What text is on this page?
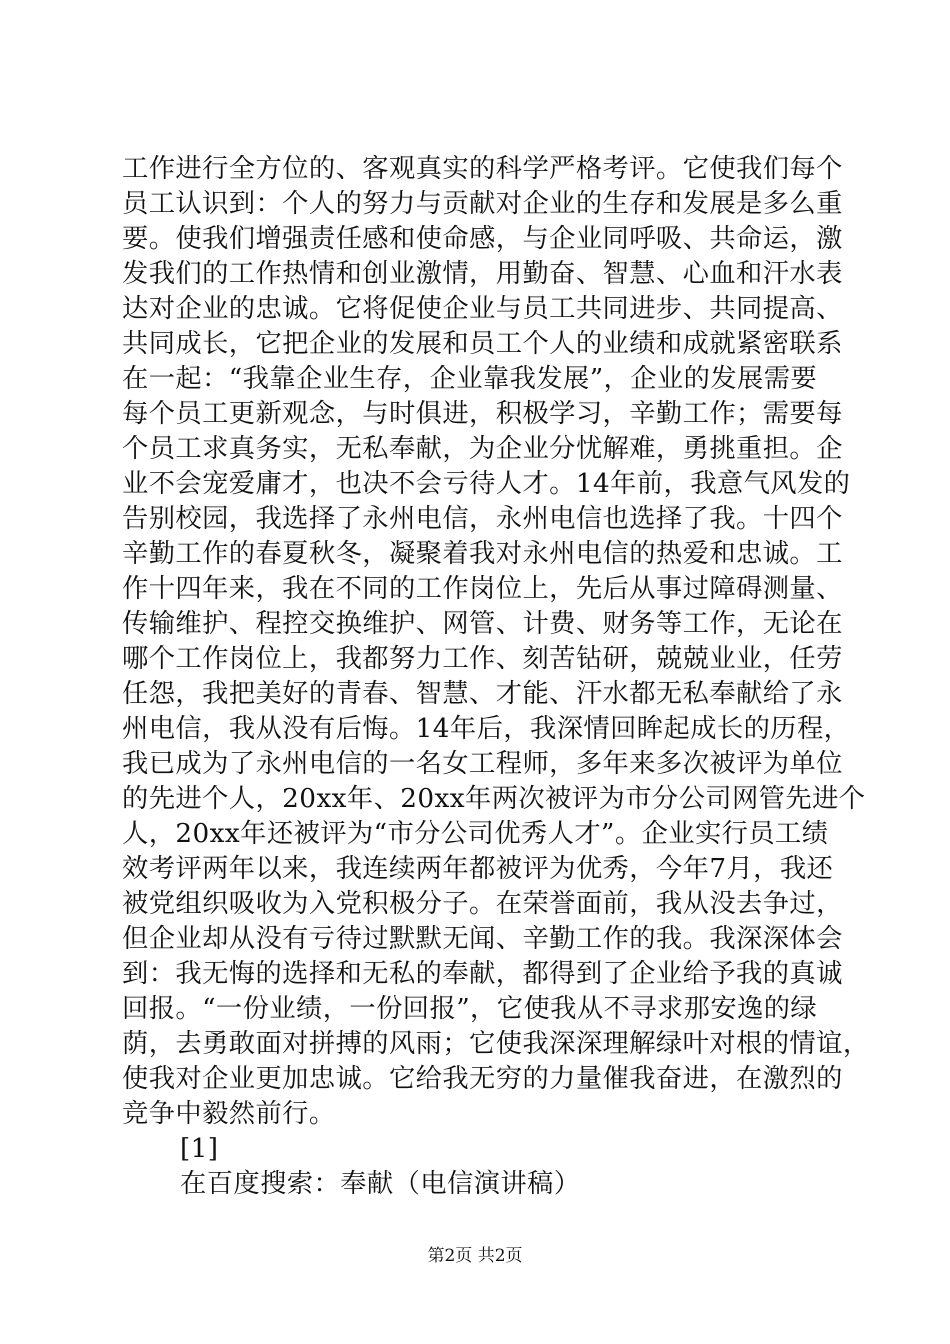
工作进行全方位的、客观真实的科学严格考评。它使我们每个
员工认识到：个人的努力与贡献对企业的生存和发展是多么重
要。使我们增强责任感和使命感，与企业同呼吸、共命运，激
发我们的工作热情和创业激情，用勤奋、智慧、心血和汗水表
达对企业的忠诚。它将促使企业与员工共同进步、共同提高、
共同成长，它把企业的发展和员工个人的业绩和成就紧密联系
在一起：“我靠企业生存，企业靠我发展”，企业的发展需要
每个员工更新观念，与时俱进，积极学习，辛勤工作；需要每
个员工求真务实，无私奉献，为企业分忧解难，勇挑重担。企
业不会宠爱庸才，也决不会亏待人才。14年前，我意气风发的
告别校园，我选择了永州电信，永州电信也选择了我。十四个
辛勤工作的春夏秋冬，凝聚着我对永州电信的热爱和忠诚。工
作十四年来，我在不同的工作岗位上，先后从事过障碍测量、
传输维护、程控交换维护、网管、计费、财务等工作，无论在
哪个工作岗位上，我都努力工作、刻苦钻研，兢兢业业，任劳
任怨，我把美好的青春、智慧、才能、汗水都无私奉献给了永
州电信，我从没有后悔。14年后，我深情回眸起成长的历程，
我已成为了永州电信的一名女工程师，多年来多次被评为单位
的先进个人，20xx年、20xx年两次被评为市分公司网管先进个
人，20xx年还被评为“市分公司优秀人才”。企业实行员工绩
效考评两年以来，我连续两年都被评为优秀，今年7月，我还
被党组织吸收为入党积极分子。在荣誉面前，我从没去争过，
但企业却从没有亏待过默默无闻、辛勤工作的我。我深深体会
到：我无悔的选择和无私的奉献，都得到了企业给予我的真诚
回报。“一份业绩，一份回报”，它使我从不寻求那安逸的绿
荫，去勇敢面对拼搏的风雨；它使我深深理解绿叶对根的情谊，
使我对企业更加忠诚。它给我无穷的力量催我奋进，在激烈的
竞争中毅然前行。
[1]
在百度搜索：奉献（电信演讲稿）
第2页 共2页
